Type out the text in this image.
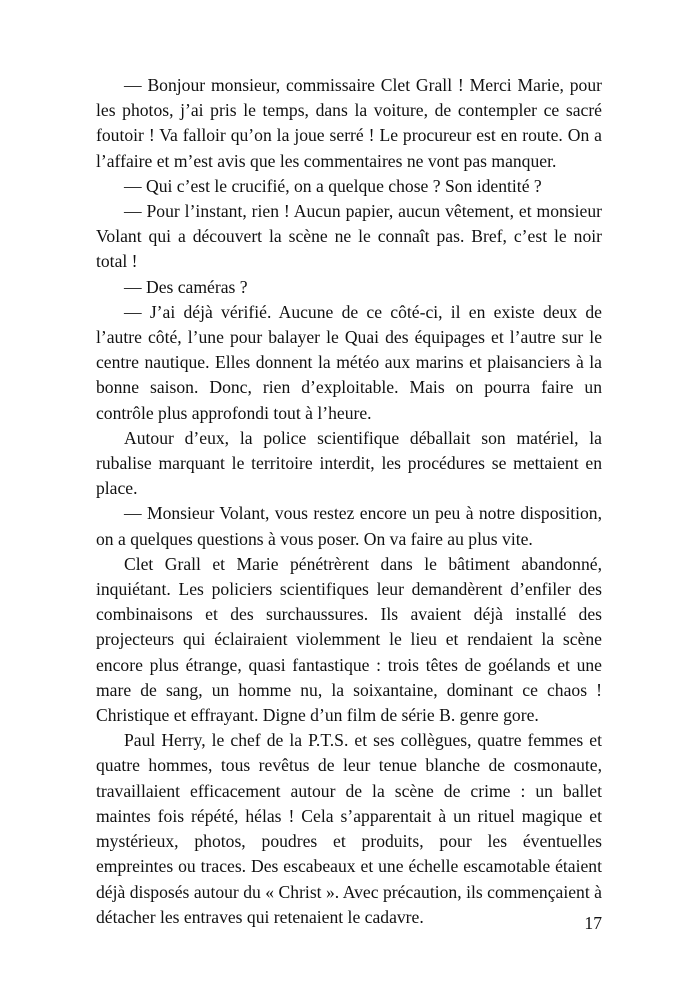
— Bonjour monsieur, commissaire Clet Grall ! Merci Marie, pour les photos, j’ai pris le temps, dans la voiture, de contempler ce sacré foutoir ! Va falloir qu’on la joue serré ! Le procureur est en route. On a l’affaire et m’est avis que les commentaires ne vont pas manquer.

— Qui c’est le crucifié, on a quelque chose ? Son identité ?

— Pour l’instant, rien ! Aucun papier, aucun vêtement, et monsieur Volant qui a découvert la scène ne le connaît pas. Bref, c’est le noir total !

— Des caméras ?

— J’ai déjà vérifié. Aucune de ce côté-ci, il en existe deux de l’autre côté, l’une pour balayer le Quai des équipages et l’autre sur le centre nautique. Elles donnent la météo aux marins et plaisanciers à la bonne saison. Donc, rien d’exploitable. Mais on pourra faire un contrôle plus approfondi tout à l’heure.

Autour d’eux, la police scientifique déballait son matériel, la rubalise marquant le territoire interdit, les procédures se mettaient en place.

— Monsieur Volant, vous restez encore un peu à notre disposition, on a quelques questions à vous poser. On va faire au plus vite.

Clet Grall et Marie pénétrèrent dans le bâtiment abandonné, inquiétant. Les policiers scientifiques leur demandèrent d’enfiler des combinaisons et des surchaussures. Ils avaient déjà installé des projecteurs qui éclairaient violemment le lieu et rendaient la scène encore plus étrange, quasi fantastique : trois têtes de goélands et une mare de sang, un homme nu, la soixantaine, dominant ce chaos ! Christique et effrayant. Digne d’un film de série B. genre gore.

Paul Herry, le chef de la P.T.S. et ses collègues, quatre femmes et quatre hommes, tous revêtus de leur tenue blanche de cosmonaute, travaillaient efficacement autour de la scène de crime : un ballet maintes fois répété, hélas ! Cela s’apparentait à un rituel magique et mystérieux, photos, poudres et produits, pour les éventuelles empreintes ou traces. Des escabeaux et une échelle escamotable étaient déjà disposés autour du « Christ ». Avec précaution, ils commençaient à détacher les entraves qui retenaient le cadavre.	17
